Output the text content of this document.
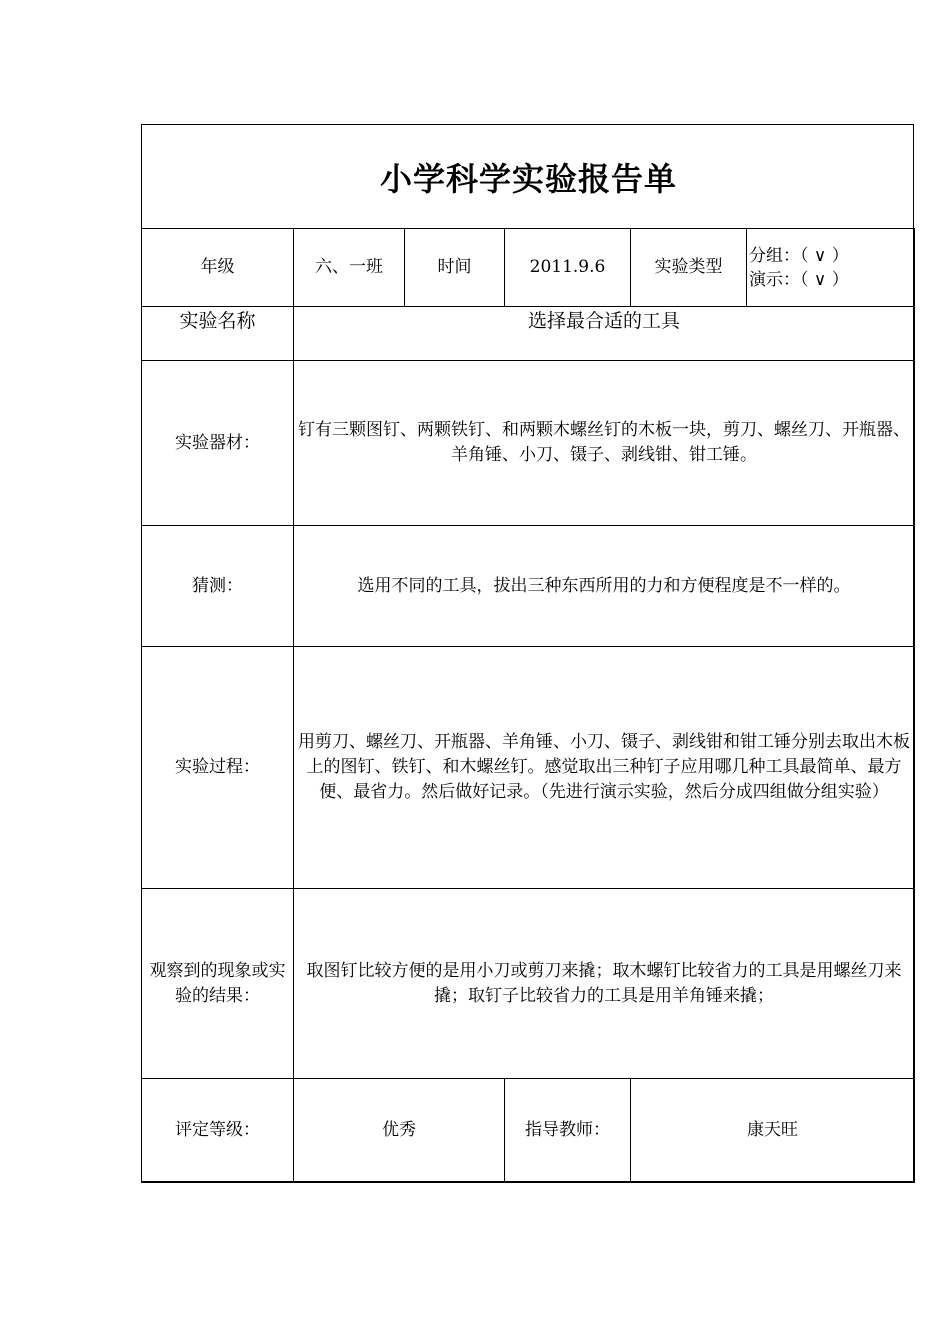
小学科学实验报告单
年级	六、一班	时间	2011.9.6	实验类型	分组：（ ∨ ）
演示：（ ∨ ）

实验名称	选择最合适的工具				
实验器材：	钉有三颗图钉、两颗铁钉、和两颗木螺丝钉的木板一块，剪刀、螺丝刀、开瓶器、羊角锤、小刀、镊子、剥线钳、钳工锤。				
猜测：	选用不同的工具，拔出三种东西所用的力和方便程度是不一样的。				
实验过程：	用剪刀、螺丝刀、开瓶器、羊角锤、小刀、镊子、剥线钳和钳工锤分别去取出木板上的图钉、铁钉、和木螺丝钉。感觉取出三种钉子应用哪几种工具最简单、最方便、最省力。然后做好记录。（先进行演示实验，然后分成四组做分组实验）				
观察到的现象或实验的结果：	取图钉比较方便的是用小刀或剪刀来撬；取木螺钉比较省力的工具是用螺丝刀来撬；取钉子比较省力的工具是用羊角锤来撬；				
评定等级：	优秀		指导教师：	康天旺	
